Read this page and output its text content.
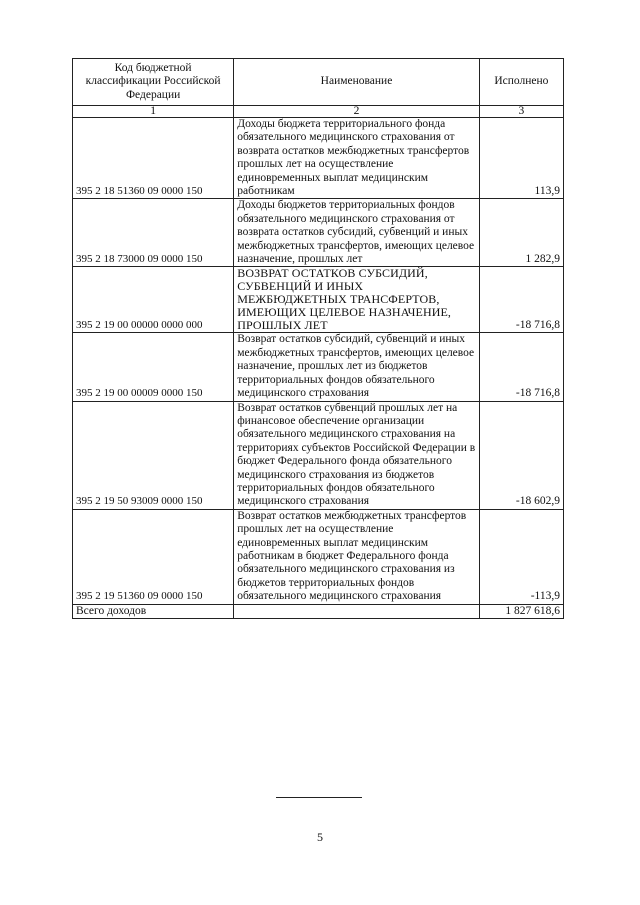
Код бюджетной классификации Российской Федерации	Наименование	Исполнено
1	2	3
395 2 18 51360 09 0000 150	Доходы бюджета территориального фонда обязательного медицинского страхования от возврата остатков межбюджетных трансфертов прошлых лет на осуществление единовременных выплат медицинским работникам	113,9
395 2 18 73000 09 0000 150	Доходы бюджетов территориальных фондов обязательного медицинского страхования от возврата остатков субсидий, субвенций и иных межбюджетных трансфертов, имеющих целевое назначение, прошлых лет	1 282,9
395 2 19 00 00000 0000 000	ВОЗВРАТ ОСТАТКОВ СУБСИДИЙ, СУБВЕНЦИЙ И ИНЫХ МЕЖБЮДЖЕТНЫХ ТРАНСФЕРТОВ, ИМЕЮЩИХ ЦЕЛЕВОЕ НАЗНАЧЕНИЕ, ПРОШЛЫХ ЛЕТ	-18 716,8
395 2 19 00 00009 0000 150	Возврат остатков субсидий, субвенций и иных межбюджетных трансфертов, имеющих целевое назначение, прошлых лет из бюджетов территориальных фондов обязательного медицинского страхования	-18 716,8
395 2 19 50 93009 0000 150	Возврат остатков субвенций прошлых лет на финансовое обеспечение организации обязательного медицинского страхования на территориях субъектов Российской Федерации в бюджет Федерального фонда обязательного медицинского страхования из бюджетов территориальных фондов обязательного медицинского страхования	-18 602,9
395 2 19 51360 09 0000 150	Возврат остатков межбюджетных трансфертов прошлых лет на осуществление единовременных выплат медицинским работникам в бюджет Федерального фонда обязательного медицинского страхования из бюджетов территориальных фондов обязательного медицинского страхования	-113,9
Всего доходов		1 827 618,6
5
